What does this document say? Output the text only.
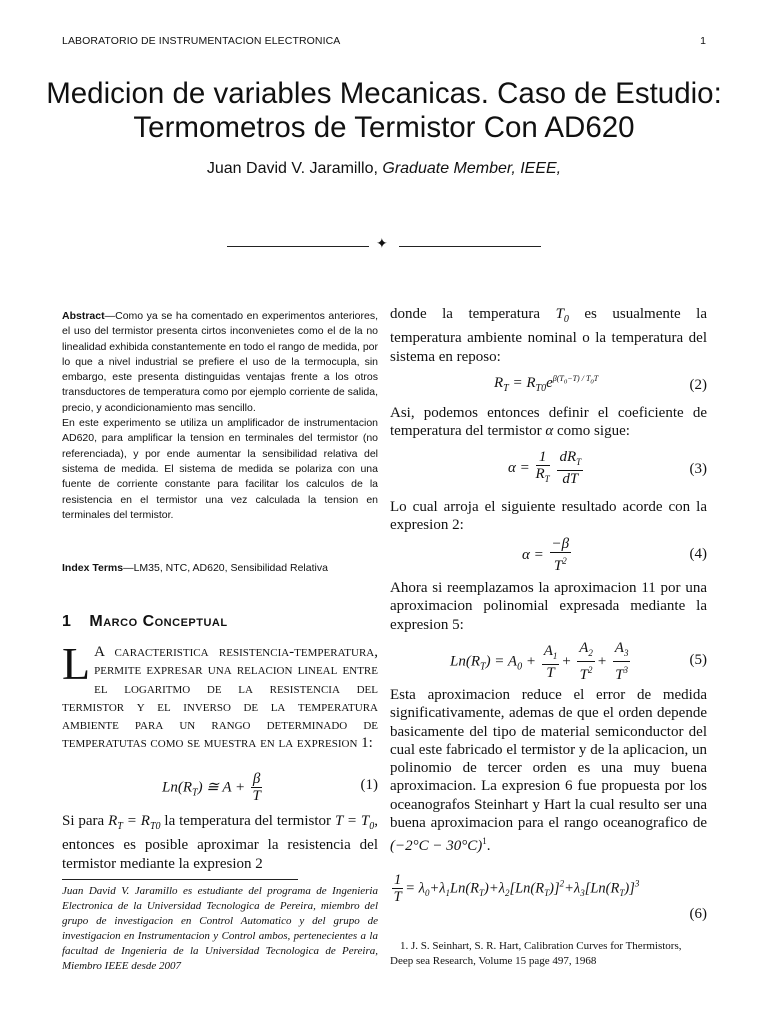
LABORATORIO DE INSTRUMENTACION ELECTRONICA	1
Medicion de variables Mecanicas. Caso de Estudio: Termometros de Termistor Con AD620
Juan David V. Jaramillo, Graduate Member, IEEE,
✦

Abstract—Como ya se ha comentado en experimentos anteriores, el uso del termistor presenta cirtos inconvenietes como el de la no linealidad exhibida constantemente en todo el rango de medida, por lo que a nivel industrial se prefiere el uso de la termocupla, sin embargo, este presenta distinguidas ventajas frente a los otros transductores de temperatura como por ejemplo corriente de salida, precio, y acondicionamiento mas sencillo.

En este experimento se utiliza un amplificador de instrumentacion AD620, para amplificar la tension en terminales del termistor (no referenciada), y por ende aumentar la sensibilidad relativa del sistema de medida. El sistema de medida se polariza con una fuente de corriente constante para facilitar los calculos de la resistencia en el termistor una vez calculada la tension en terminales del termistor.

Index Terms—LM35, NTC, AD620, Sensibilidad Relativa
1 Marco Conceptual
L A caracteristica resistencia-temperatura, permite expresar una relacion lineal entre el logaritmo de la resistencia del termistor y el inverso de la temperatura ambiente para un rango determinado de temperatutas como se muestra en la expresion 1:
$Ln(R_T)$ ≅ $A + \frac{\beta}{T}$	(1)
Si para $R_T = R_{T0}$ la temperatura del termistor $T = T_0$, entonces es posible aproximar la resistencia del termistor mediante la expresion 2
Juan David V. Jaramillo es estudiante del programa de Ingenieria Electronica de la Universidad Tecnologica de Pereira, miembro del grupo de investigacion en Control Automatico y del grupo de investigacion en Instrumentacion y Control ambos, pertenecientes a la facultad de Ingenieria de la Universidad Tecnologica de Pereira, Miembro IEEE desde 2007
donde la temperatura $T_0$ es usualmente la temperatura ambiente nominal o la temperatura del sistema en reposo:
$R_T = R_{T0}e^{\beta(T_0-T) / T_0T}$	(2)
Asi, podemos entonces definir el coeficiente de temperatura del termistor α como sigue:
$\alpha = \frac{1}{R_T}$
$\frac{dR_T}{dT}$	(3)
Lo cual arroja el siguiente resultado acorde con la expresion 2:
$\alpha = \frac{-\beta}{T^2}$	(4)
Ahora si reemplazamos la aproximacion 11 por una aproximacion polinomial expresada mediante la expresion 5:
$Ln(R_T) = A_0 + \frac{A_1}{T} + \frac{A_2}{T^2} + \frac{A_3}{T^3}$	(5)
Esta aproximacion reduce el error de medida significativamente, ademas de que el orden depende basicamente del tipo de material semiconductor del cual este fabricado el termistor y de la aplicacion, un polinomio de tercer orden es una muy buena aproximacion. La expresion 6 fue propuesta por los oceanografos Steinhart y Hart la cual resulto ser una buena aproximacion para el rango oceanografico de $(-2^\circ C - 30^\circ C)^1$.
$\frac{1}{T} = \lambda_0+\lambda_1Ln(R_T)+\lambda_2[Ln(R_T)]^2+\lambda_3[Ln(R_T)]^3$
(6)
1. J. S. Seinhart, S. R. Hart, Calibration Curves for Thermistors, Deep sea Research, Volume 15 page 497, 1968
